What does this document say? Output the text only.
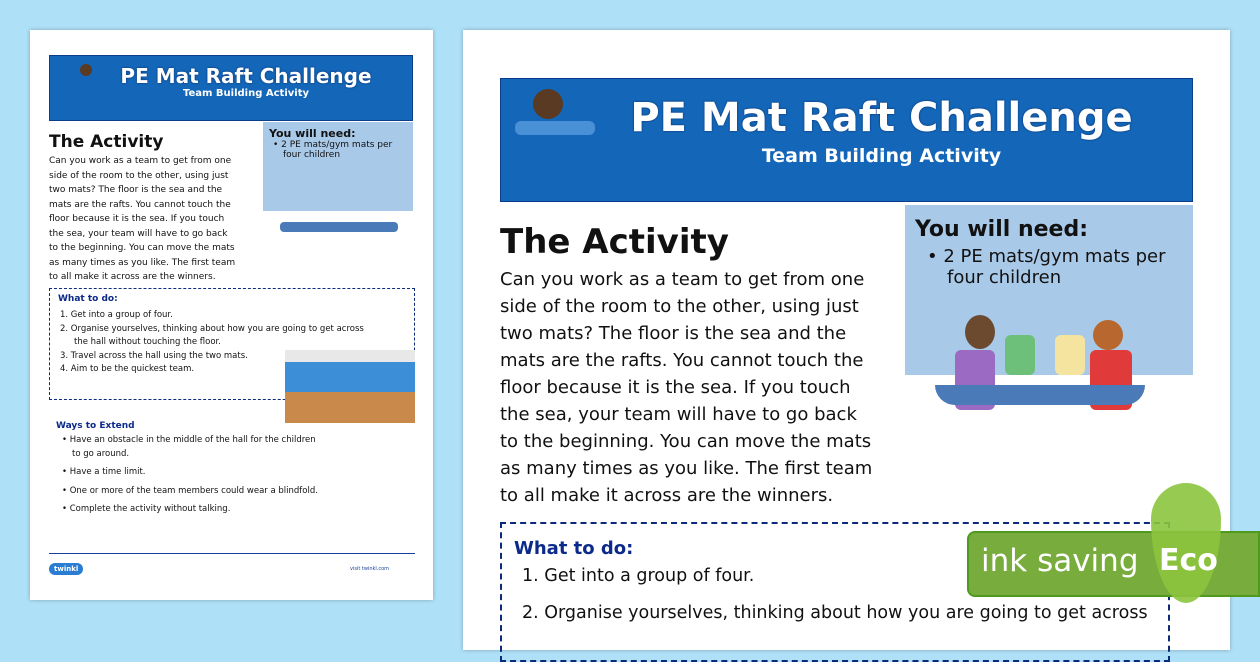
PE Mat Raft Challenge
Team Building Activity
The Activity
Can you work as a team to get from one
side of the room to the other, using just
two mats? The floor is the sea and the
mats are the rafts. You cannot touch the
floor because it is the sea. If you touch
the sea, your team will have to go back
to the beginning. You can move the mats
as many times as you like. The first team
to all make it across are the winners.
You will need:
• 2 PE mats/gym mats per
four children
What to do:
1. Get into a group of four.
2. Organise yourselves, thinking about how you are going to get across
the hall without touching the floor.
3. Travel across the hall using the two mats.
4. Aim to be the quickest team.
Ways to Extend
• Have an obstacle in the middle of the hall for the children
to go around.
• Have a time limit.
• One or more of the team members could wear a blindfold.
• Complete the activity without talking.
twinkl	visit twinkl.com
PE Mat Raft Challenge
Team Building Activity
The Activity
Can you work as a team to get from one
side of the room to the other, using just
two mats? The floor is the sea and the
mats are the rafts. You cannot touch the
floor because it is the sea. If you touch
the sea, your team will have to go back
to the beginning. You can move the mats
as many times as you like. The first team
to all make it across are the winners.
You will need:
• 2 PE mats/gym mats per
four children
What to do:
1. Get into a group of four.
2. Organise yourselves, thinking about how you are going to get across
ink saving Eco
